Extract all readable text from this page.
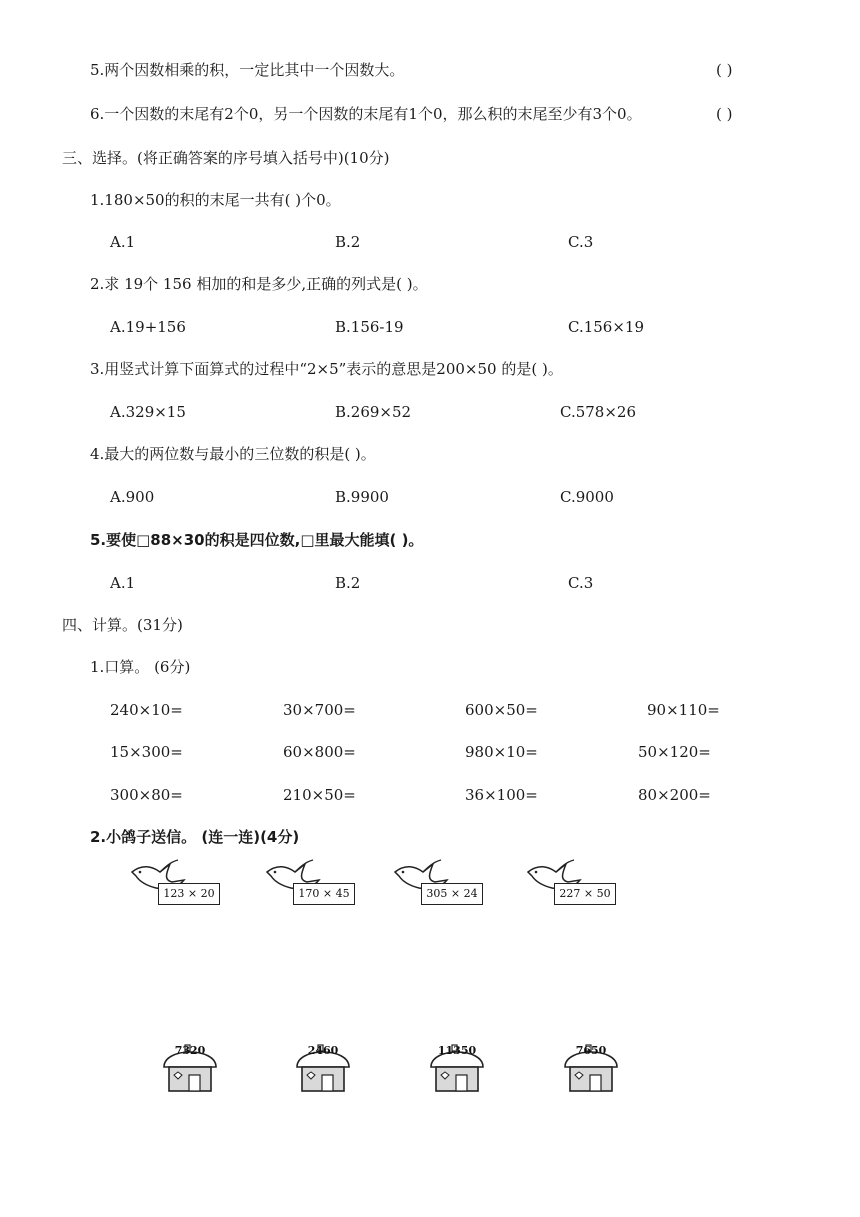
5.两个因数相乘的积，一定比其中一个因数大。	( )
6.一个因数的末尾有2个0，另一个因数的末尾有1个0，那么积的末尾至少有3个0。	( )
三、选择。(将正确答案的序号填入括号中)(10分)
1.180×50的积的末尾一共有( )个0。
A.1	B.2	C.3
2.求 19个 156 相加的和是多少,正确的列式是( )。
A.19+156	B.156-19	C.156×19
3.用竖式计算下面算式的过程中“2×5”表示的意思是200×50 的是( )。
A.329×15	B.269×52	C.578×26
4.最大的两位数与最小的三位数的积是( )。
A.900	B.9900	C.9000
5.要使□88×30的积是四位数,□里最大能填( )。
A.1	B.2	C.3
四、计算。(31分)
1.口算。 (6分)
240×10=	30×700=	600×50=	90×110=
15×300=	60×800=	980×10=	50×120=
300×80=	210×50=	36×100=	80×200=
2.小鸽子送信。 (连一连)(4分)
123 × 20	170 × 45	305 × 24	227 × 50
7320	2460	11350	7650
